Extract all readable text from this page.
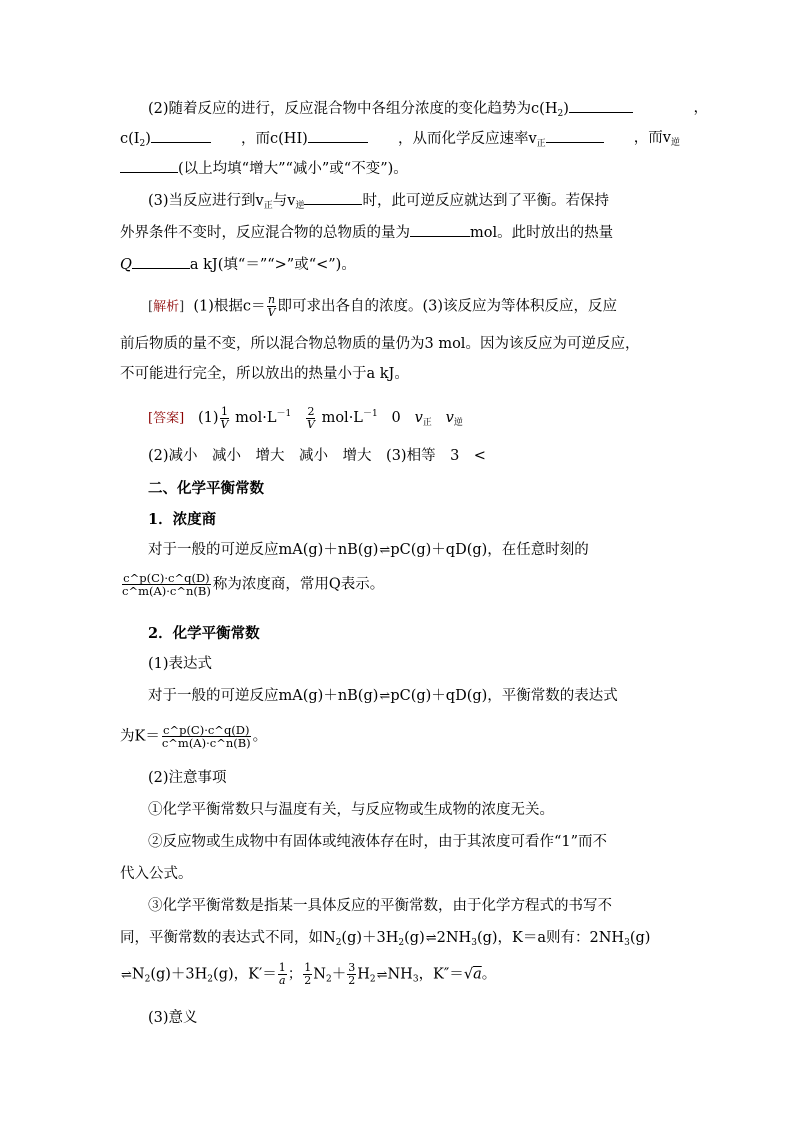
(2)随着反应的进行，反应混合物中各组分浓度的变化趋势为$c(H_2)$	，
$c(I_2)$	，而c(HI)	，从而化学反应速率$v_正$	，而$v_逆$
(以上均填“增大”“减小”或“不变”)。
(3)当反应进行到$v_正$与$v_逆$	时，此可逆反应就达到了平衡。若保持
外界条件不变时，反应混合物的总物质的量为	mol。此时放出的热量
Q	a kJ(填“＝”“>”或“<”)。
[解析] (1)根据$c= \frac{n}{V}$ 即可求出各自的浓度。(3)该反应为等体积反应，反应
前后物质的量不变，所以混合物总物质的量仍为3 mol。因为该反应为可逆反应，
不可能进行完全，所以放出的热量小于a kJ。
[答案] $(1) \frac{1}{V} mol\cdot L^{-1} \frac{2}{V} mol\cdot L^{-1}$ 0 $v_正$ $v_逆$
(2)减小　减小　增大　减小　增大　(3)相等　3　<
二、化学平衡常数
1．浓度商
对于一般的可逆反应mA(g)＋nB(g)⇌pC(g)＋qD(g)，在任意时刻的
$\frac{c\^{}p(C)\cdot c\^{}q(D)}{c\^{}m(A)\cdot c\^{}n(B)}$ 称为浓度商，常用Q表示。
2．化学平衡常数
(1)表达式
对于一般的可逆反应mA(g)＋nB(g)⇌pC(g)＋qD(g)，平衡常数的表达式
为$K= \frac{c\^{}p(C)\cdot c\^{}q(D)}{c\^{}m(A)\cdot c\^{}n(B)}$ 。
(2)注意事项
①化学平衡常数只与温度有关，与反应物或生成物的浓度无关。
②反应物或生成物中有固体或纯液体存在时，由于其浓度可看作“1”而不
代入公式。
③化学平衡常数是指某一具体反应的平衡常数，由于化学方程式的书写不
同，平衡常数的表达式不同，如$N_2(g)+3H_2(g)\rightleftharpoons 2NH_3(g)$，K＝a则有：$2NH_3(g)$
$\rightleftharpoons N_2(g)+3H_2(g)$，$K'= \frac{1}{a}$ ； $\frac{1}{2} N_2+ \frac{3}{2}$ $H_2\rightleftharpoons NH_3$，K″＝√a。
(3)意义
